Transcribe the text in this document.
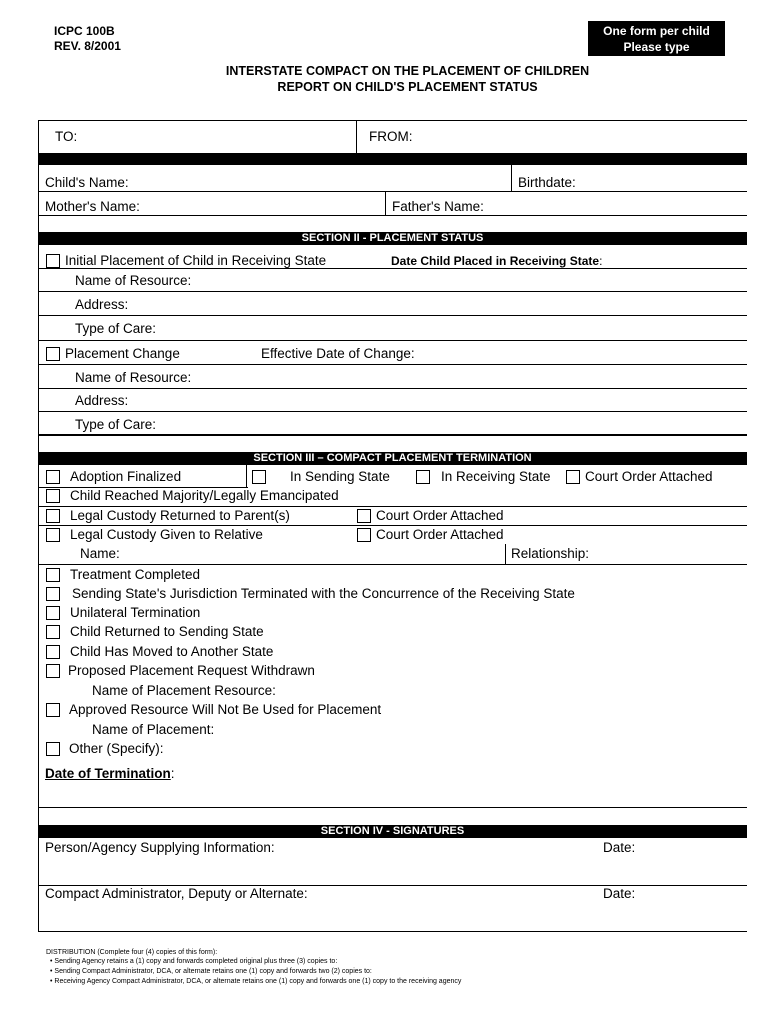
ICPC 100B
REV. 8/2001
One form per child
Please type
INTERSTATE COMPACT ON THE PLACEMENT OF CHILDREN
REPORT ON CHILD'S PLACEMENT STATUS
TO:	FROM:
Child's Name:	Birthdate:
Mother's Name:	Father's Name:
SECTION II - PLACEMENT STATUS
Initial Placement of Child in Receiving State	Date Child Placed in Receiving State:
Name of Resource:
Address:
Type of Care:
Placement Change	Effective Date of Change:
Name of Resource:
Address:
Type of Care:
SECTION III – COMPACT PLACEMENT TERMINATION
Adoption Finalized	In Sending State	In Receiving State	Court Order Attached
Child Reached Majority/Legally Emancipated
Legal Custody Returned to Parent(s)	Court Order Attached
Legal Custody Given to Relative	Court Order Attached
Name:	Relationship:
Treatment Completed
Sending State's Jurisdiction Terminated with the Concurrence of the Receiving State
Unilateral Termination
Child Returned to Sending State
Child Has Moved to Another State
Proposed Placement Request Withdrawn
Name of Placement Resource:
Approved Resource Will Not Be Used for Placement
Name of Placement:
Other (Specify):
Date of Termination:
SECTION IV - SIGNATURES
Person/Agency Supplying Information:	Date:
Compact Administrator, Deputy or Alternate:	Date:
DISTRIBUTION (Complete four (4) copies of this form):
• Sending Agency retains a (1) copy and forwards completed original plus three (3) copies to:
• Sending Compact Administrator, DCA, or alternate retains one (1) copy and forwards two (2) copies to:
• Receiving Agency Compact Administrator, DCA, or alternate retains one (1) copy and forwards one (1) copy to the receiving agency
